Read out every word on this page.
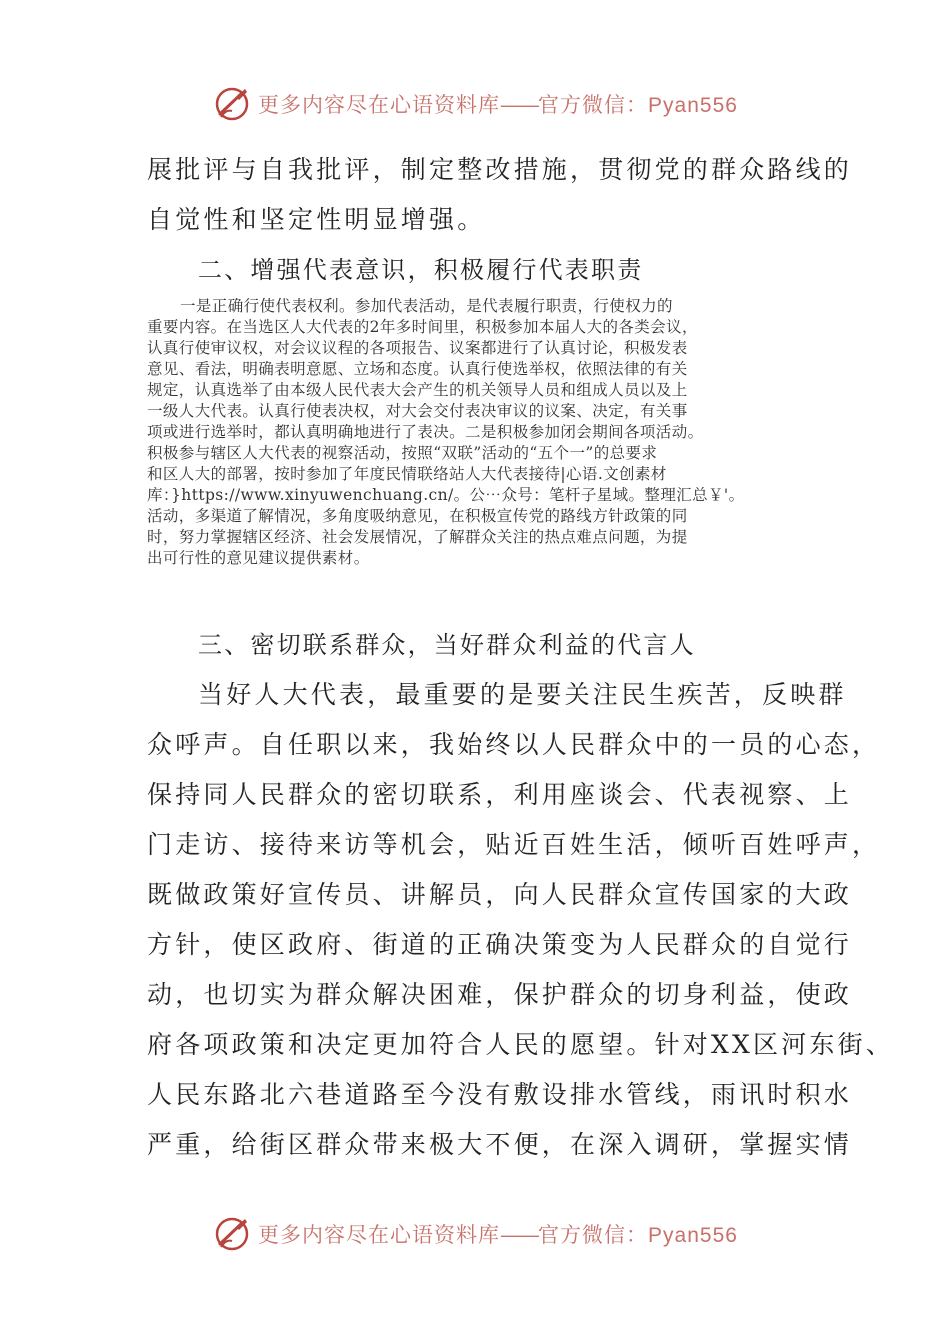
更多内容尽在心语资料库——官方微信：Pyan556
展批评与自我批评，制定整改措施，贯彻党的群众路线的
自觉性和坚定性明显增强。
二、增强代表意识，积极履行代表职责
一是正确行使代表权利。参加代表活动，是代表履行职责，行使权力的
重要内容。在当选区人大代表的2年多时间里，积极参加本届人大的各类会议，
认真行使审议权，对会议议程的各项报告、议案都进行了认真讨论，积极发表
意见、看法，明确表明意愿、立场和态度。认真行使选举权，依照法律的有关
规定，认真选举了由本级人民代表大会产生的机关领导人员和组成人员以及上
一级人大代表。认真行使表决权，对大会交付表决审议的议案、决定，有关事
项或进行选举时，都认真明确地进行了表决。二是积极参加闭会期间各项活动。
积极参与辖区人大代表的视察活动，按照“双联”活动的“五个一”的总要求
和区人大的部署，按时参加了年度民情联络站人大代表接待|心语.文创素材
库：}https://www.xinyuwenchuang.cn/。公⋯众号：笔杆子星域。整理汇总￥'。
活动，多渠道了解情况，多角度吸纳意见，在积极宣传党的路线方针政策的同
时，努力掌握辖区经济、社会发展情况，了解群众关注的热点难点问题，为提
出可行性的意见建议提供素材。
三、密切联系群众，当好群众利益的代言人
当好人大代表，最重要的是要关注民生疾苦，反映群
众呼声。自任职以来，我始终以人民群众中的一员的心态，
保持同人民群众的密切联系，利用座谈会、代表视察、上
门走访、接待来访等机会，贴近百姓生活，倾听百姓呼声，
既做政策好宣传员、讲解员，向人民群众宣传国家的大政
方针，使区政府、街道的正确决策变为人民群众的自觉行
动，也切实为群众解决困难，保护群众的切身利益，使政
府各项政策和决定更加符合人民的愿望。针对XX区河东街、
人民东路北六巷道路至今没有敷设排水管线，雨讯时积水
严重，给街区群众带来极大不便，在深入调研，掌握实情
更多内容尽在心语资料库——官方微信：Pyan556
